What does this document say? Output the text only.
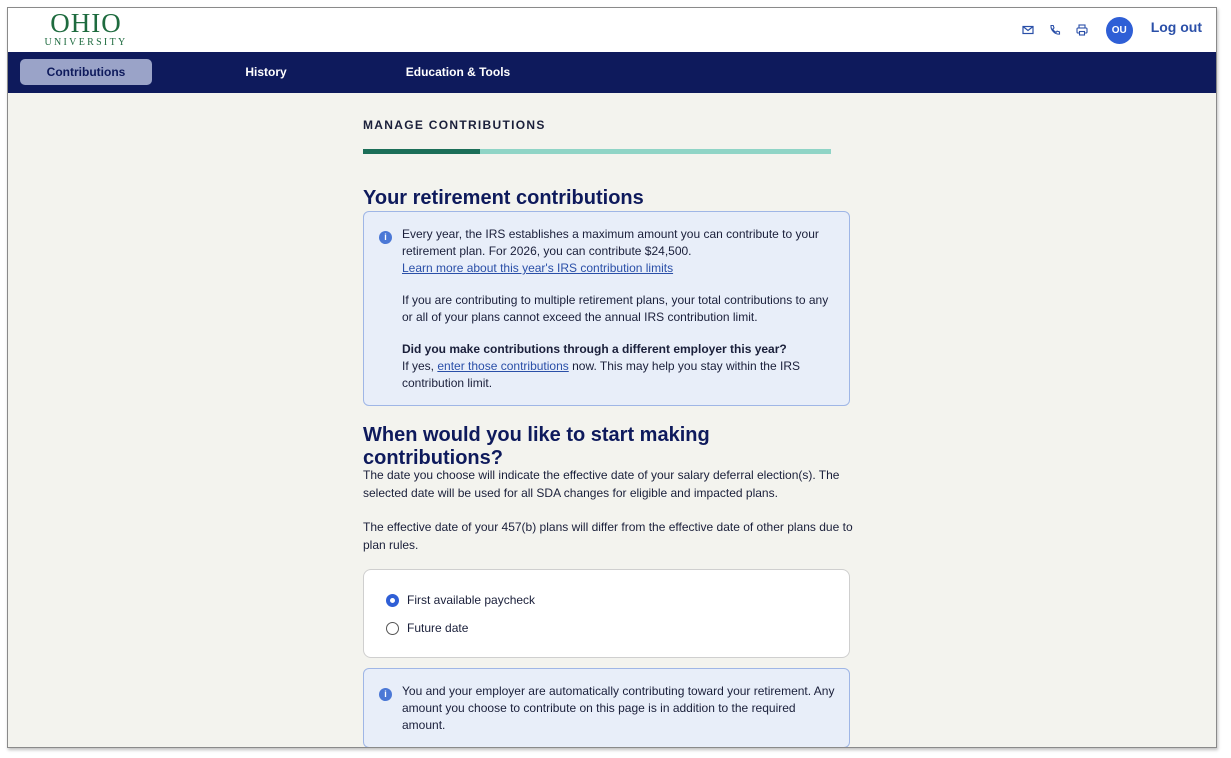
OHIO
UNIVERSITY
OU	Log out
Contributions	History	Education & Tools
MANAGE CONTRIBUTIONS
Your retirement contributions
i	Every year, the IRS establishes a maximum amount you can contribute to your retirement plan. For 2026, you can contribute $24,500.
Learn more about this year's IRS contribution limits
If you are contributing to multiple retirement plans, your total contributions to any or all of your plans cannot exceed the annual IRS contribution limit.
Did you make contributions through a different employer this year?
If yes, enter those contributions now. This may help you stay within the IRS contribution limit.
When would you like to start making contributions?
The date you choose will indicate the effective date of your salary deferral election(s). The selected date will be used for all SDA changes for eligible and impacted plans.
The effective date of your 457(b) plans will differ from the effective date of other plans due to plan rules.
First available paycheck
Future date
i	You and your employer are automatically contributing toward your retirement. Any amount you choose to contribute on this page is in addition to the required amount.
